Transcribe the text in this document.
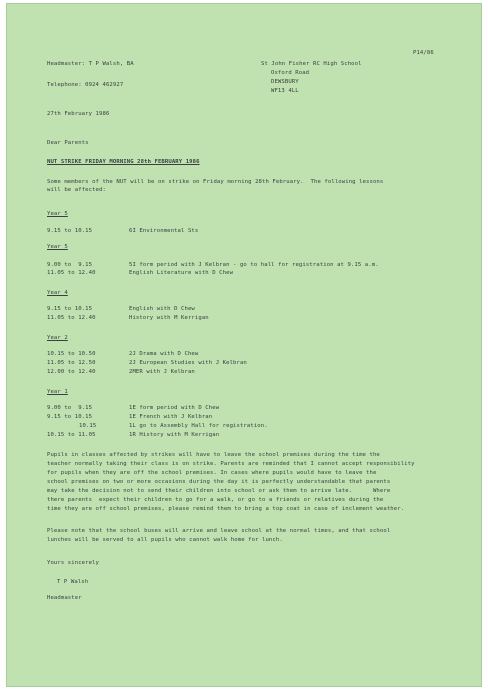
P14/86
Headmaster: T P Walsh, BA
Telephone: 0924 462927
St John Fisher RC High School
Oxford Road
DEWSBURY
WF13 4LL
27th February 1986
Dear Parents
NUT STRIKE FRIDAY MORNING 28th FEBRUARY 1986
Some members of the NUT will be on strike on Friday morning 28th February.  The following lessons
will be affected:
Year 5
9.15 to 10.15	6I Environmental Sts
Year 5
9.00 to  9.15	5I form period with J Kelbran - go to hall for registration at 9.15 a.m.
11.05 to 12.40	English Literature with D Chew
Year 4
9.15 to 10.15	English with D Chew
11.05 to 12.40	History with M Kerrigan
Year 2
10.15 to 10.50	2J Drama with D Chew
11.05 to 12.50	2J European Studies with J Kelbran
12.00 to 12.40	2MER with J Kelbran
Year 1
9.00 to  9.15	1E form period with D Chew
9.15 to 10.15	1E French with J Kelbran
10.15	1L go to Assembly Hall for registration.
10.15 to 11.05	1R History with M Kerrigan
Pupils in classes affected by strikes will have to leave the school premises during the time the
teacher normally taking their class is on strike. Parents are reminded that I cannot accept responsibility
for pupils when they are off the school premises. In cases where pupils would have to leave the
school premises on two or more occasions during the day it is perfectly understandable that parents
may take the decision not to send their children into school or ask them to arrive late.      Where
there parents  expect their children to go for a walk, or go to a friends or relatives during the
time they are off school premises, please remind them to bring a top coat in case of inclement weather.
Please note that the school buses will arrive and leave school at the normal times, and that school
lunches will be served to all pupils who cannot walk home for lunch.
Yours sincerely
T P Walsh
Headmaster
